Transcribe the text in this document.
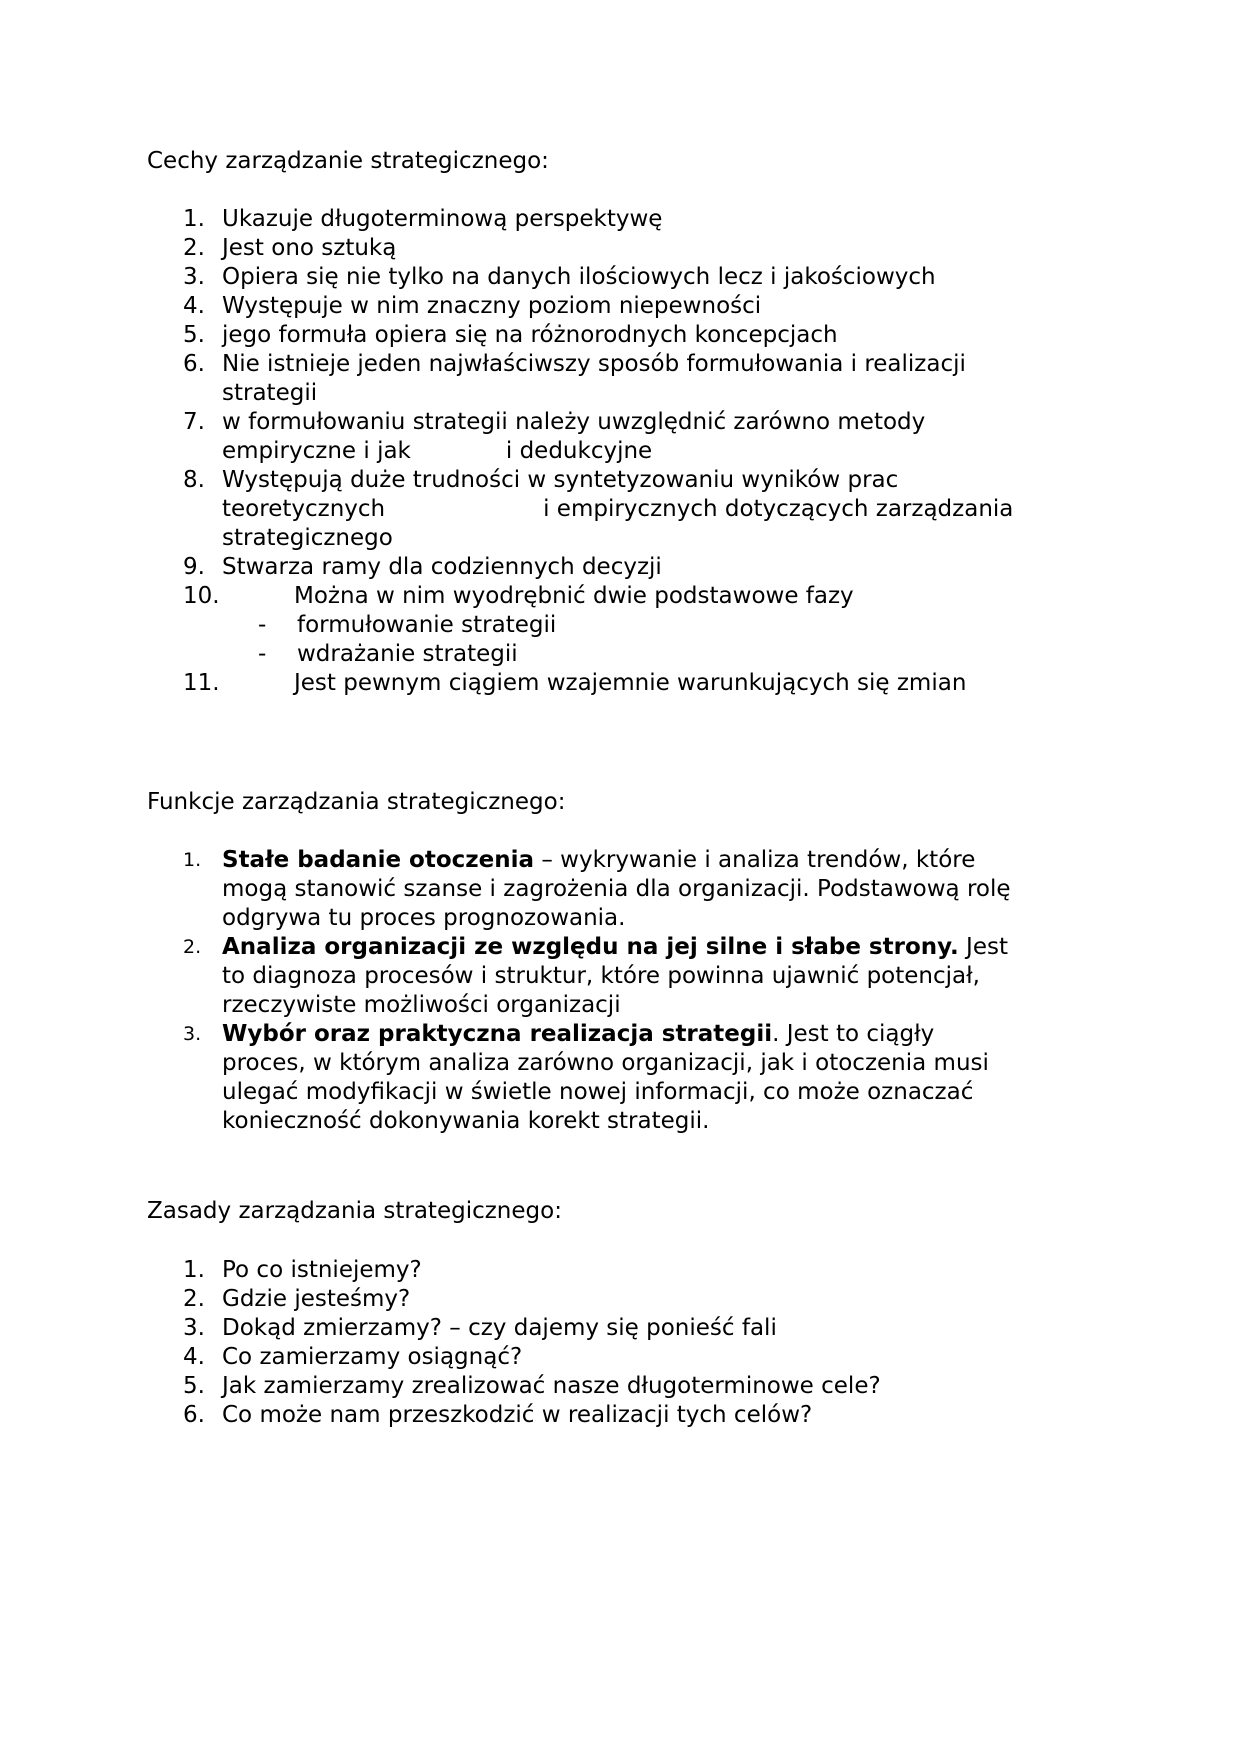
Cechy zarządzanie strategicznego:
1. Ukazuje długoterminową perspektywę
2. Jest ono sztuką
3. Opiera się nie tylko na danych ilościowych lecz i jakościowych
4. Występuje w nim znaczny poziom niepewności
5. jego formuła opiera się na różnorodnych koncepcjach
6. Nie istnieje jeden najwłaściwszy sposób formułowania i realizacji
strategii
7. w formułowaniu strategii należy uwzględnić zarówno metody
empiryczne i jak	i dedukcyjne
8. Występują duże trudności w syntetyzowaniu wyników prac
teoretycznych	i empirycznych dotyczących zarządzania
strategicznego
9. Stwarza ramy dla codziennych decyzji
10.	Można w nim wyodrębnić dwie podstawowe fazy
- formułowanie strategii
- wdrażanie strategii
11.	Jest pewnym ciągiem wzajemnie warunkujących się zmian
Funkcje zarządzania strategicznego:
1. Stałe badanie otoczenia – wykrywanie i analiza trendów, które
mogą stanowić szanse i zagrożenia dla organizacji. Podstawową rolę
odgrywa tu proces prognozowania.
2. Analiza organizacji ze względu na jej silne i słabe strony. Jest
to diagnoza procesów i struktur, które powinna ujawnić potencjał,
rzeczywiste możliwości organizacji
3. Wybór oraz praktyczna realizacja strategii. Jest to ciągły
proces, w którym analiza zarówno organizacji, jak i otoczenia musi
ulegać modyfikacji w świetle nowej informacji, co może oznaczać
konieczność dokonywania korekt strategii.
Zasady zarządzania strategicznego:
1. Po co istniejemy?
2. Gdzie jesteśmy?
3. Dokąd zmierzamy? – czy dajemy się ponieść fali
4. Co zamierzamy osiągnąć?
5. Jak zamierzamy zrealizować nasze długoterminowe cele?
6. Co może nam przeszkodzić w realizacji tych celów?
